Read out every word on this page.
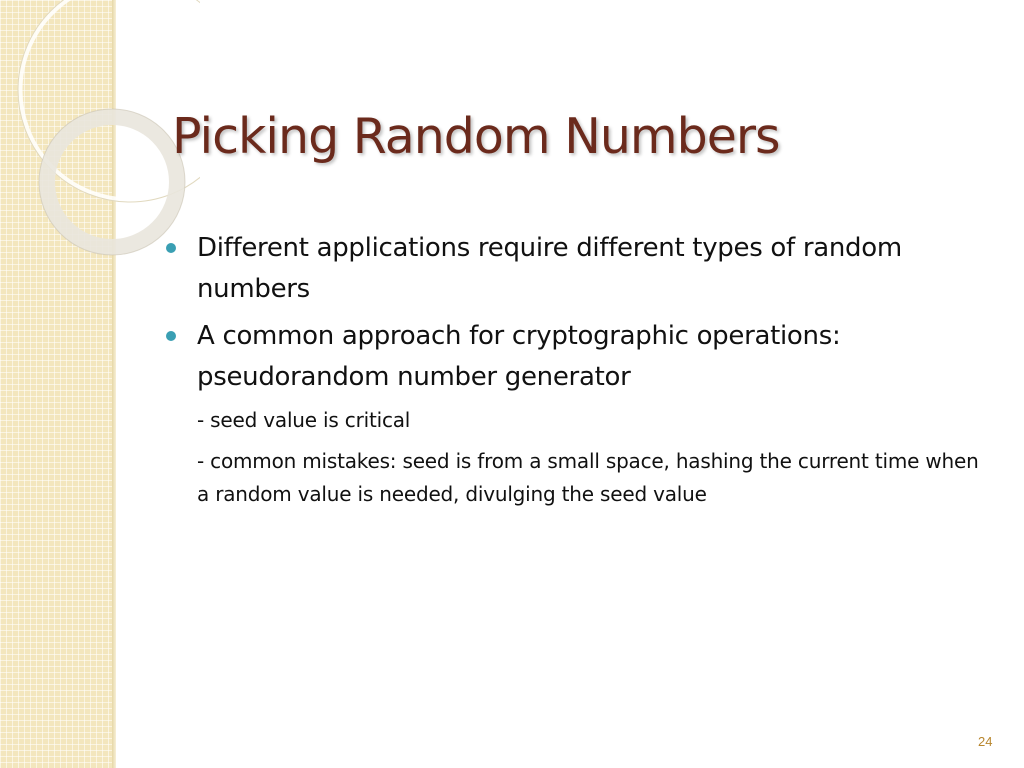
Picking Random Numbers
Different applications require different types of random numbers
A common approach for cryptographic operations: pseudorandom number generator
- seed value is critical
- common mistakes: seed is from a small space, hashing the current time when a random value is needed, divulging the seed value
24
